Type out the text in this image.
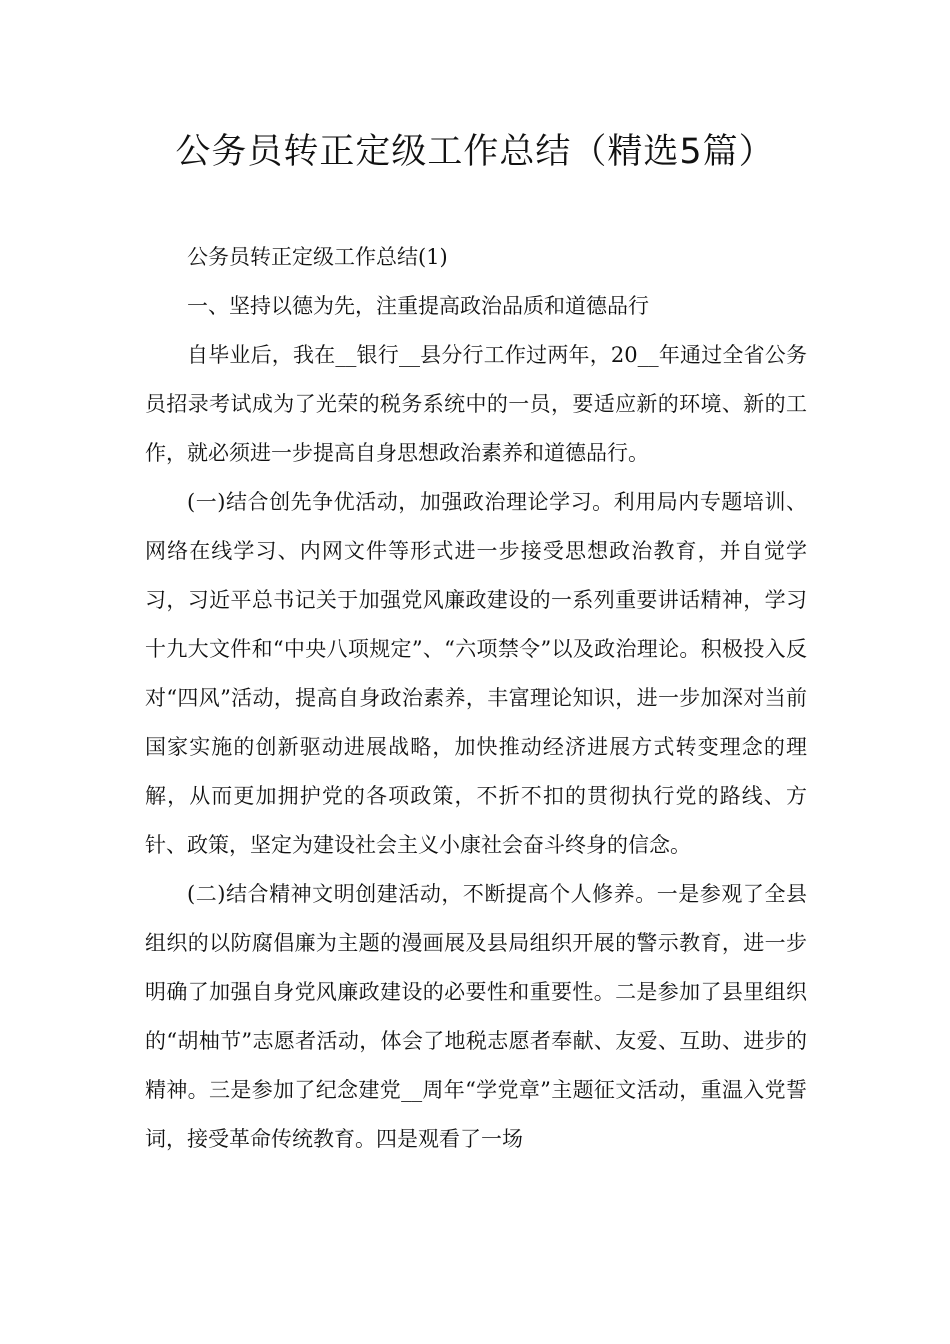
公务员转正定级工作总结（精选5篇）

公务员转正定级工作总结(1)

一、坚持以德为先，注重提高政治品质和道德品行

自毕业后，我在__银行__县分行工作过两年，20__年通过全省公务员招录考试成为了光荣的税务系统中的一员，要适应新的环境、新的工作，就必须进一步提高自身思想政治素养和道德品行。

(一)结合创先争优活动，加强政治理论学习。利用局内专题培训、网络在线学习、内网文件等形式进一步接受思想政治教育，并自觉学习，习近平总书记关于加强党风廉政建设的一系列重要讲话精神，学习十九大文件和“中央八项规定”、“六项禁令”以及政治理论。积极投入反对“四风”活动，提高自身政治素养，丰富理论知识，进一步加深对当前国家实施的创新驱动进展战略，加快推动经济进展方式转变理念的理解，从而更加拥护党的各项政策，不折不扣的贯彻执行党的路线、方针、政策，坚定为建设社会主义小康社会奋斗终身的信念。

(二)结合精神文明创建活动，不断提高个人修养。一是参观了全县组织的以防腐倡廉为主题的漫画展及县局组织开展的警示教育，进一步明确了加强自身党风廉政建设的必要性和重要性。二是参加了县里组织的“胡柚节”志愿者活动，体会了地税志愿者奉献、友爱、互助、进步的精神。三是参加了纪念建党__周年“学党章”主题征文活动，重温入党誓词，接受革命传统教育。四是观看了一场
